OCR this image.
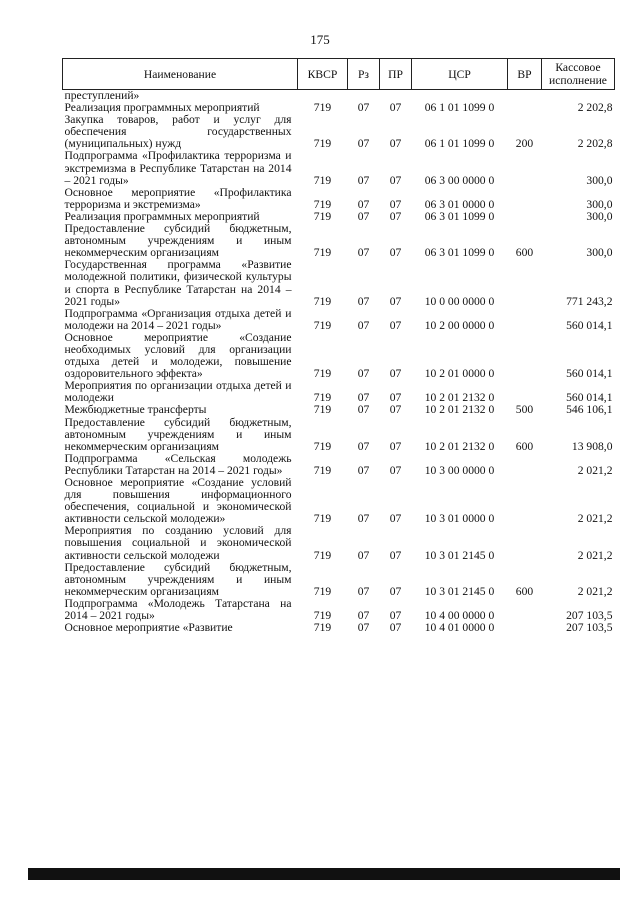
175
Наименование	КВСР	Рз	ПР	ЦСР	ВР	Кассовое исполнение
преступлений»						
Реализация программных мероприятий	719	07	07	06 1 01 1099 0		2 202,8
Закупка товаров, работ и услуг для обеспечения государственных (муниципальных) нужд	719	07	07	06 1 01 1099 0	200	2 202,8
Подпрограмма «Профилактика терроризма и экстремизма в Республике Татарстан на 2014 – 2021 годы»	719	07	07	06 3 00 0000 0		300,0
Основное мероприятие «Профилактика терроризма и экстремизма»	719	07	07	06 3 01 0000 0		300,0
Реализация программных мероприятий	719	07	07	06 3 01 1099 0		300,0
Предоставление субсидий бюджетным, автономным учреждениям и иным некоммерческим организациям	719	07	07	06 3 01 1099 0	600	300,0
Государственная программа «Развитие молодежной политики, физической культуры и спорта в Республике Татарстан на 2014 – 2021 годы»	719	07	07	10 0 00 0000 0		771 243,2
Подпрограмма «Организация отдыха детей и молодежи на 2014 – 2021 годы»	719	07	07	10 2 00 0000 0		560 014,1
Основное мероприятие «Создание необходимых условий для организации отдыха детей и молодежи, повышение оздоровительного эффекта»	719	07	07	10 2 01 0000 0		560 014,1
Мероприятия по организации отдыха детей и молодежи	719	07	07	10 2 01 2132 0		560 014,1
Межбюджетные трансферты	719	07	07	10 2 01 2132 0	500	546 106,1
Предоставление субсидий бюджетным, автономным учреждениям и иным некоммерческим организациям	719	07	07	10 2 01 2132 0	600	13 908,0
Подпрограмма «Сельская молодежь Республики Татарстан на 2014 – 2021 годы»	719	07	07	10 3 00 0000 0		2 021,2
Основное мероприятие «Создание условий для повышения информационного обеспечения, социальной и экономической активности сельской молодежи»	719	07	07	10 3 01 0000 0		2 021,2
Мероприятия по созданию условий для повышения социальной и экономической активности сельской молодежи	719	07	07	10 3 01 2145 0		2 021,2
Предоставление субсидий бюджетным, автономным учреждениям и иным некоммерческим организациям	719	07	07	10 3 01 2145 0	600	2 021,2
Подпрограмма «Молодежь Татарстана на 2014 – 2021 годы»	719	07	07	10 4 00 0000 0		207 103,5
Основное мероприятие «Развитие	719	07	07	10 4 01 0000 0		207 103,5
